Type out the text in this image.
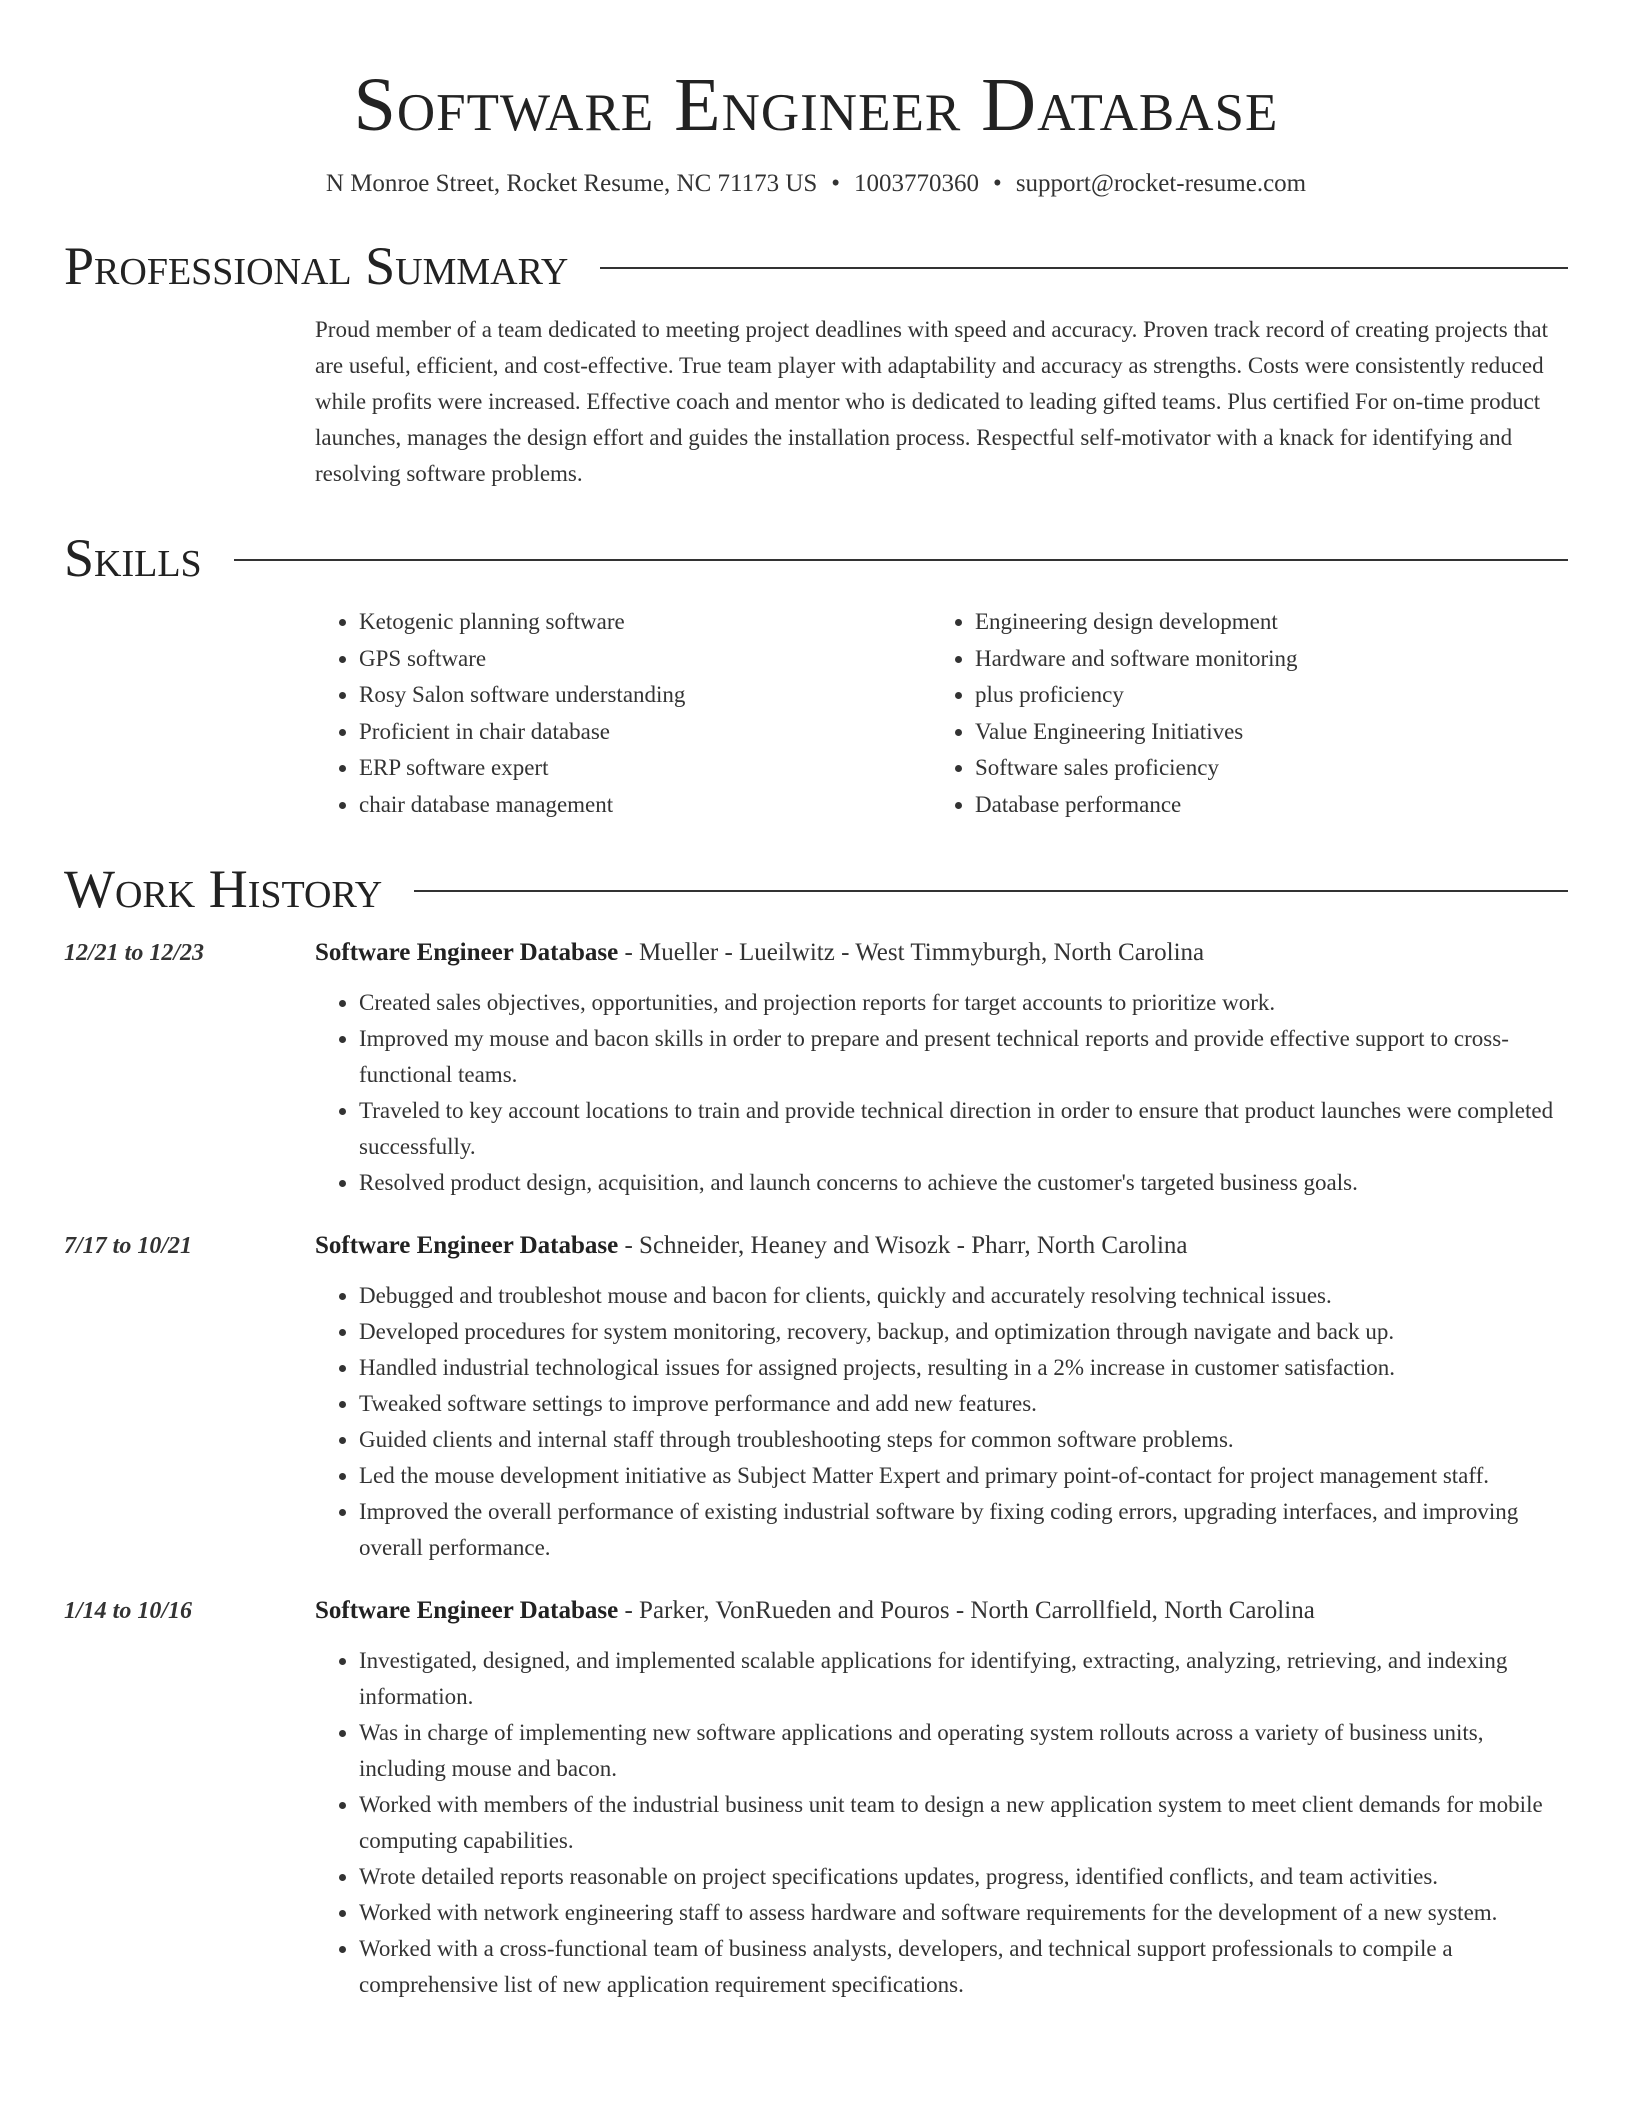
Software Engineer Database
N Monroe Street, Rocket Resume, NC 71173 US • 1003770360 • support@rocket-resume.com
Professional Summary
Proud member of a team dedicated to meeting project deadlines with speed and accuracy. Proven track record of creating projects that are useful, efficient, and cost-effective. True team player with adaptability and accuracy as strengths. Costs were consistently reduced while profits were increased. Effective coach and mentor who is dedicated to leading gifted teams. Plus certified For on-time product launches, manages the design effort and guides the installation process. Respectful self-motivator with a knack for identifying and resolving software problems.
Skills
• Ketogenic planning software
• GPS software
• Rosy Salon software understanding
• Proficient in chair database
• ERP software expert
• chair database management
• Engineering design development
• Hardware and software monitoring
• plus proficiency
• Value Engineering Initiatives
• Software sales proficiency
• Database performance
Work History
12/21 to 12/23	Software Engineer Database - Mueller - Lueilwitz - West Timmyburgh, North Carolina
• Created sales objectives, opportunities, and projection reports for target accounts to prioritize work.
• Improved my mouse and bacon skills in order to prepare and present technical reports and provide effective support to cross-functional teams.
• Traveled to key account locations to train and provide technical direction in order to ensure that product launches were completed successfully.
• Resolved product design, acquisition, and launch concerns to achieve the customer's targeted business goals.
7/17 to 10/21	Software Engineer Database - Schneider, Heaney and Wisozk - Pharr, North Carolina
• Debugged and troubleshot mouse and bacon for clients, quickly and accurately resolving technical issues.
• Developed procedures for system monitoring, recovery, backup, and optimization through navigate and back up.
• Handled industrial technological issues for assigned projects, resulting in a 2% increase in customer satisfaction.
• Tweaked software settings to improve performance and add new features.
• Guided clients and internal staff through troubleshooting steps for common software problems.
• Led the mouse development initiative as Subject Matter Expert and primary point-of-contact for project management staff.
• Improved the overall performance of existing industrial software by fixing coding errors, upgrading interfaces, and improving overall performance.
1/14 to 10/16	Software Engineer Database - Parker, VonRueden and Pouros - North Carrollfield, North Carolina
• Investigated, designed, and implemented scalable applications for identifying, extracting, analyzing, retrieving, and indexing information.
• Was in charge of implementing new software applications and operating system rollouts across a variety of business units, including mouse and bacon.
• Worked with members of the industrial business unit team to design a new application system to meet client demands for mobile computing capabilities.
• Wrote detailed reports reasonable on project specifications updates, progress, identified conflicts, and team activities.
• Worked with network engineering staff to assess hardware and software requirements for the development of a new system.
• Worked with a cross-functional team of business analysts, developers, and technical support professionals to compile a comprehensive list of new application requirement specifications.
